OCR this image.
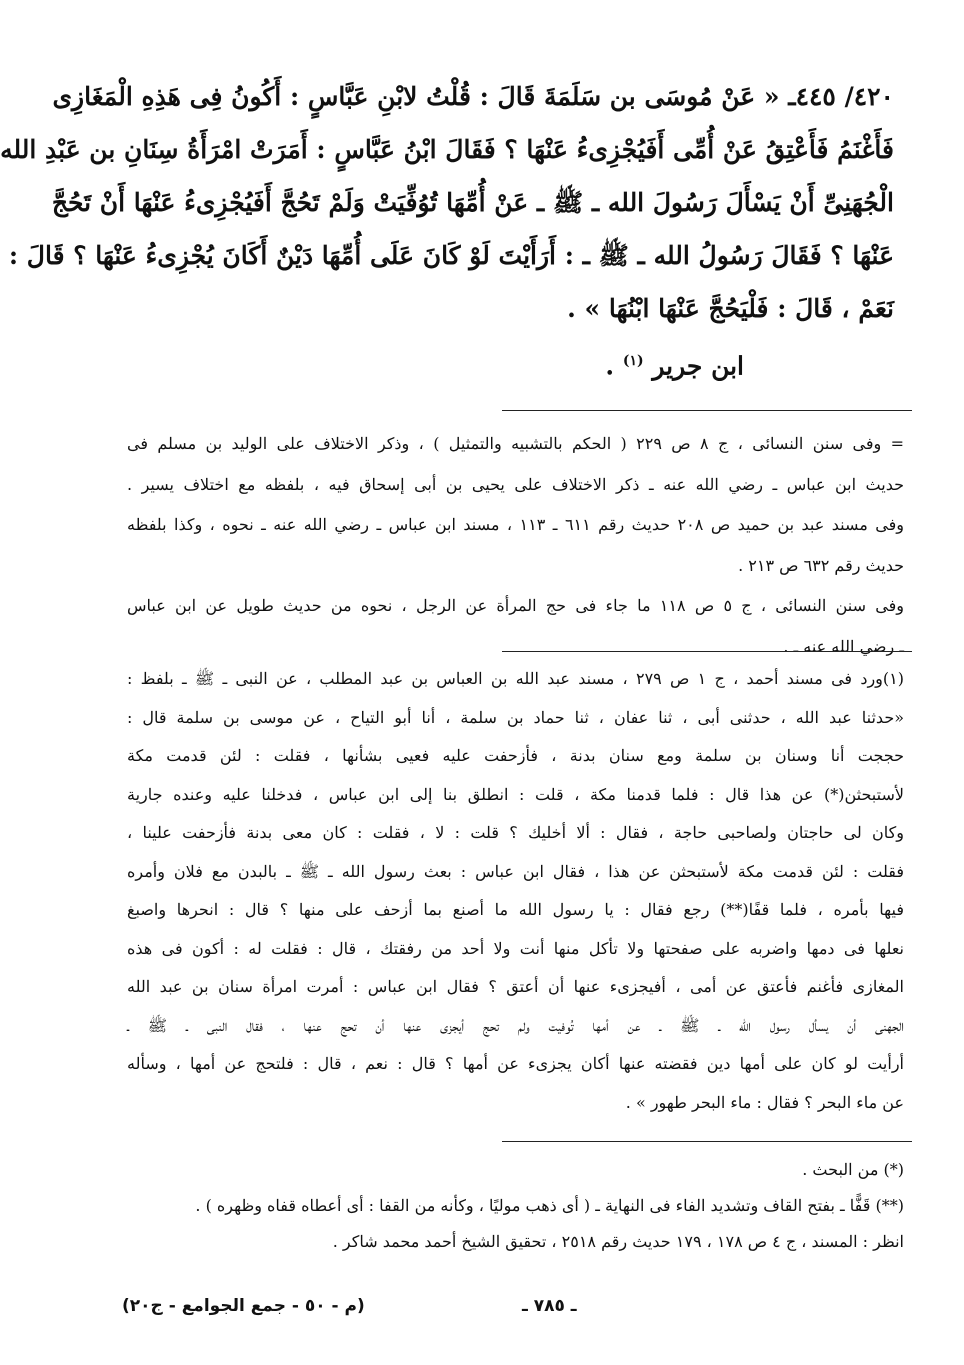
٤٢٠/ ٤٤٥ـ « عَنْ مُوسَى بن سَلَمَةَ قَالَ : قُلْتُ لابْنِ عَبَّاسٍ : أَكُونُ فِى هَذِهِ الْمَغَازِى
فَأَغْنَمُ فَأَعْتِقُ عَنْ أُمِّى أَفَيُجْزِىءُ عَنْهَا ؟ فَقَالَ ابْنُ عَبَّاسٍ : أَمَرَتْ امْرَأَةُ سِنَانِ بن عَبْدِ الله
الْجُهَنِىِّ أَنْ يَسْأَلَ رَسُولَ الله ـ ﷺ ـ عَنْ أُمِّهَا تُوُفِّيَتْ وَلَمْ تَحُجَّ أَفَيُجْزِىءُ عَنْهَا أَنْ تَحُجَّ
عَنْهَا ؟ فَقَالَ رَسُولُ الله ـ ﷺ ـ : أَرَأَيْتَ لَوْ كَانَ عَلَى أُمِّهَا دَيْنٌ أَكَانَ يُجْزِىءُ عَنْهَا ؟ قَالَ :
نَعَمْ ، قَالَ : فَلْيَحُجَّ عَنْهَا ابْنُهَا » .
ابن جرير $^{(١)}$ .
= وفى سنن النسائى ، ج ٨ ص ٢٢٩ ( الحكم بالتشبيه والتمثيل ) ، وذكر الاختلاف على الوليد بن مسلم فى
حديث ابن عباس ـ رضي الله عنه ـ ذكر الاختلاف على يحيى بن أبى إسحاق فيه ، بلفظه مع اختلاف يسير .
وفى مسند عبد بن حميد ص ٢٠٨ حديث رقم ٦١١ ـ ١١٣ ، مسند ابن عباس ـ رضي الله عنه ـ نحوه ، وكذا بلفظه
حديث رقم ٦٣٢ ص ٢١٣ .
وفى سنن النسائى ، ج ٥ ص ١١٨ ما جاء فى حج المرأة عن الرجل ، نحوه من حديث طويل عن ابن عباس
ـ رضي الله عنه ـ .
(١)ورد فى مسند أحمد ، ج ١ ص ٢٧٩ ، مسند عبد الله بن العباس بن عبد المطلب ، عن النبى ـ ﷺ ـ بلفظ :
«حدثنا عبد الله ، حدثنى أبى ، ثنا عفان ، ثنا حماد بن سلمة ، أنا أبو التياح ، عن موسى بن سلمة قال :
حججت أنا وسنان بن سلمة ومع سنان بدنة ، فأزحفت عليه فعيى بشأنها ، فقلت : لئن قدمت مكة
لأستبحثن(*) عن هذا قال : فلما قدمنا مكة ، قلت : انطلق بنا إلى ابن عباس ، فدخلنا عليه وعنده جارية
وكان لى حاجتان ولصاحبى حاجة ، فقال : ألا أخليك ؟ قلت : لا ، فقلت : كان معى بدنة فأزحفت علينا ،
فقلت : لئن قدمت مكة لأستبحثن عن هذا ، فقال ابن عباس : بعث رسول الله ـ ﷺ ـ بالبدن مع فلان وأمره
فيها بأمره ، فلما قفًا(**) رجع فقال : يا رسول الله ما أصنع بما أزحف على منها ؟ قال : انحرها واصبغ
نعلها فى دمها واضربه على صفحتها ولا تأكل منها أنت ولا أحد من رفقتك ، قال : فقلت له : أكون فى هذه
المغازى فأغنم فأعتق عن أمى ، أفيجزىء عنها أن أعتق ؟ فقال ابن عباس : أمرت امرأة سنان بن عبد الله
الجهنى أن يسأل رسول الله ـ ﷺ ـ عن أمها تُوفيت ولم تحج أيجزى عنها أن تحج عنها ، فقال النبى ـ ﷺ ـ
أرأيت لو كان على أمها دين فقضته عنها أكان يجزىء عن أمها ؟ قال : نعم ، قال : فلتحج عن أمها ، وسأله
عن ماء البحر ؟ فقال : ماء البحر طهور » .
(*) من البحث .
(**) قَفًّا ـ بفتح القاف وتشديد الفاء فى النهاية ـ ( أى ذهب موليًا ، وكأنه من القفا : أى أعطاه قفاه وظهره ) .
انظر : المسند ، ج ٤ ص ١٧٨ ، ١٧٩ حديث رقم ٢٥١٨ ، تحقيق الشيخ أحمد محمد شاكر .
ـ ٧٨٥ ـ
(م - ٥٠ - جمع الجوامع - ج٢٠)
